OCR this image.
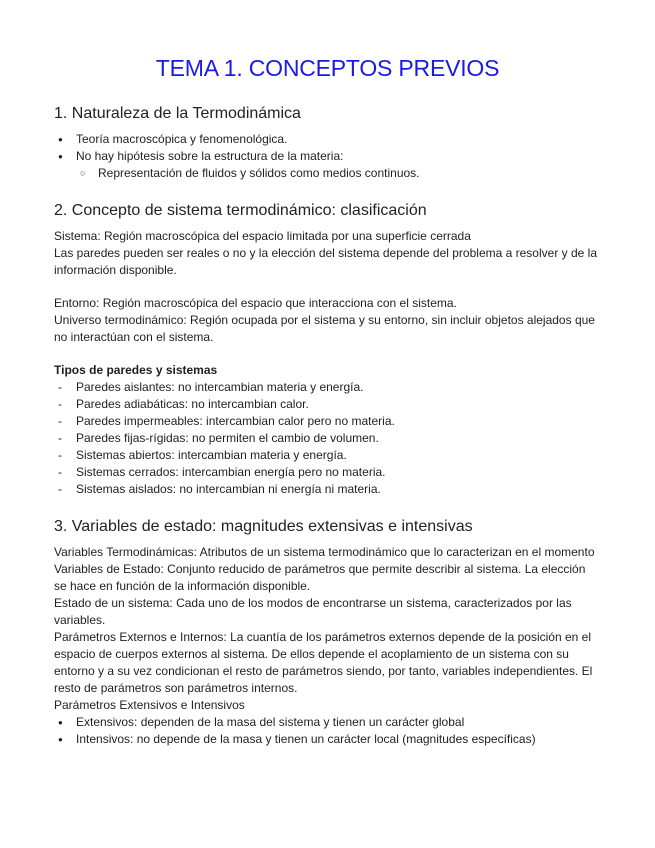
TEMA 1. CONCEPTOS PREVIOS
1. Naturaleza de la Termodinámica
● Teoría macroscópica y fenomenológica.
● No hay hipótesis sobre la estructura de la materia:
○ Representación de fluidos y sólidos como medios continuos.
2. Concepto de sistema termodinámico: clasificación

Sistema: Región macroscópica del espacio limitada por una superficie cerrada

Las paredes pueden ser reales o no y la elección del sistema depende del problema a resolver y de la información disponible.

Entorno: Región macroscópica del espacio que interacciona con el sistema.

Universo termodinámico: Región ocupada por el sistema y su entorno, sin incluir objetos alejados que no interactúan con el sistema.

Tipos de paredes y sistemas

- Paredes aislantes: no intercambian materia y energía.
- Paredes adiabáticas: no intercambian calor.
- Paredes impermeables: intercambian calor pero no materia.
- Paredes fijas-rígidas: no permiten el cambio de volumen.
- Sistemas abiertos: intercambian materia y energía.
- Sistemas cerrados: intercambian energía pero no materia.
- Sistemas aislados: no intercambian ni energía ni materia.
3. Variables de estado: magnitudes extensivas e intensivas

Variables Termodinámicas: Atributos de un sistema termodinámico que lo caracterizan en el momento

Variables de Estado: Conjunto reducido de parámetros que permite describir al sistema. La elección se hace en función de la información disponible.

Estado de un sistema: Cada uno de los modos de encontrarse un sistema, caracterizados por las variables.

Parámetros Externos e Internos: La cuantía de los parámetros externos depende de la posición en el espacio de cuerpos externos al sistema. De ellos depende el acoplamiento de un sistema con su entorno y a su vez condicionan el resto de parámetros siendo, por tanto, variables independientes. El resto de parámetros son parámetros internos.

Parámetros Extensivos e Intensivos

● Extensivos: dependen de la masa del sistema y tienen un carácter global
● Intensivos: no depende de la masa y tienen un carácter local (magnitudes específicas)
